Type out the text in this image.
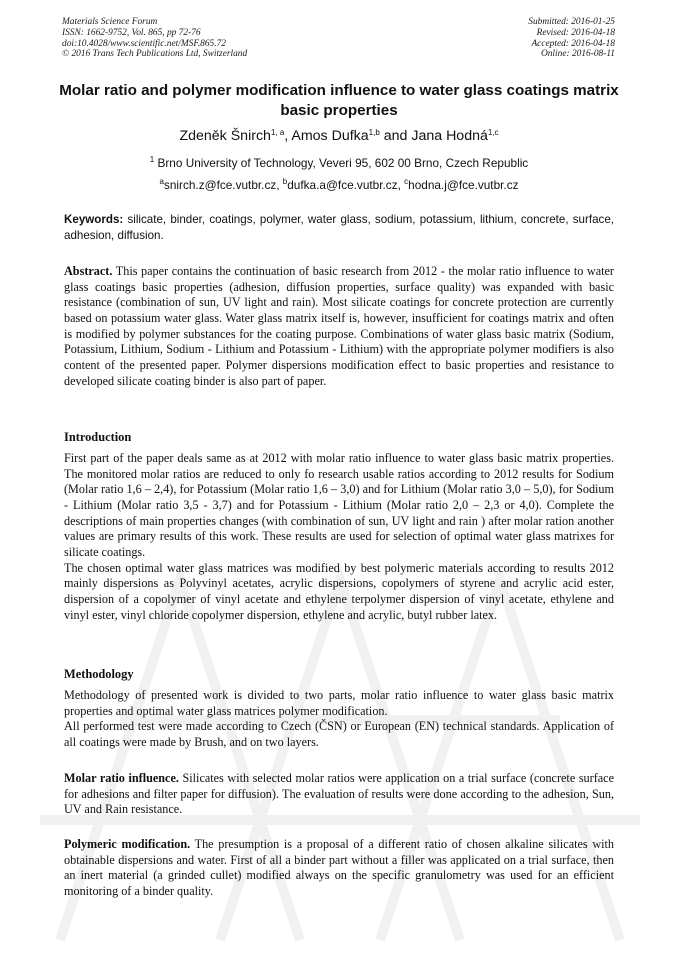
Materials Science Forum
ISSN: 1662-9752, Vol. 865, pp 72-76
doi:10.4028/www.scientific.net/MSF.865.72
© 2016 Trans Tech Publications Ltd, Switzerland
Submitted: 2016-01-25
Revised: 2016-04-18
Accepted: 2016-04-18
Online: 2016-08-11
Molar ratio and polymer modification influence to water glass coatings matrix basic properties
Zdeněk Šnirch$^{1, a}$, Amos Dufka$^{1,b}$ and Jana Hodná$^{1,c}$
$^1$ Brno University of Technology, Veveri 95, 602 00 Brno, Czech Republic
$^a$snirch.z@fce.vutbr.cz, $^b$dufka.a@fce.vutbr.cz, $^c$hodna.j@fce.vutbr.cz
Keywords: silicate, binder, coatings, polymer, water glass, sodium, potassium, lithium, concrete, surface, adhesion, diffusion.

Abstract. This paper contains the continuation of basic research from 2012 - the molar ratio influence to water glass coatings basic properties (adhesion, diffusion properties, surface quality) was expanded with basic resistance (combination of sun, UV light and rain). Most silicate coatings for concrete protection are currently based on potassium water glass. Water glass matrix itself is, however, insufficient for coatings matrix and often is modified by polymer substances for the coating purpose. Combinations of water glass basic matrix (Sodium, Potassium, Lithium, Sodium - Lithium and Potassium - Lithium) with the appropriate polymer modifiers is also content of the presented paper. Polymer dispersions modification effect to basic properties and resistance to developed silicate coating binder is also part of paper.

Introduction

First part of the paper deals same as at 2012 with molar ratio influence to water glass basic matrix properties. The monitored molar ratios are reduced to only fo research usable ratios according to 2012 results for Sodium (Molar ratio 1,6 – 2,4), for Potassium (Molar ratio 1,6 – 3,0) and for Lithium (Molar ratio 3,0 – 5,0), for Sodium - Lithium (Molar ratio 3,5 - 3,7) and for Potassium - Lithium (Molar ratio 2,0 – 2,3 or 4,0). Complete the descriptions of main properties changes (with combination of sun, UV light and rain ) after molar ration another values are primary results of this work. These results are used for selection of optimal water glass matrixes for silicate coatings.

The chosen optimal water glass matrices was modified by best polymeric materials according to results 2012 mainly dispersions as Polyvinyl acetates, acrylic dispersions, copolymers of styrene and acrylic acid ester, dispersion of a copolymer of vinyl acetate and ethylene terpolymer dispersion of vinyl acetate, ethylene and vinyl ester, vinyl chloride copolymer dispersion, ethylene and acrylic, butyl rubber latex.

Methodology

Methodology of presented work is divided to two parts, molar ratio influence to water glass basic matrix properties and optimal water glass matrices polymer modification.

All performed test were made according to Czech (ČSN) or European (EN) technical standards. Application of all coatings were made by Brush, and on two layers.

Molar ratio influence. Silicates with selected molar ratios were application on a trial surface (concrete surface for adhesions and filter paper for diffusion). The evaluation of results were done according to the adhesion, Sun, UV and Rain resistance.

Polymeric modification. The presumption is a proposal of a different ratio of chosen alkaline silicates with obtainable dispersions and water. First of all a binder part without a filler was applicated on a trial surface, then an inert material (a grinded cullet) modified always on the specific granulometry was used for an efficient monitoring of a binder quality.
